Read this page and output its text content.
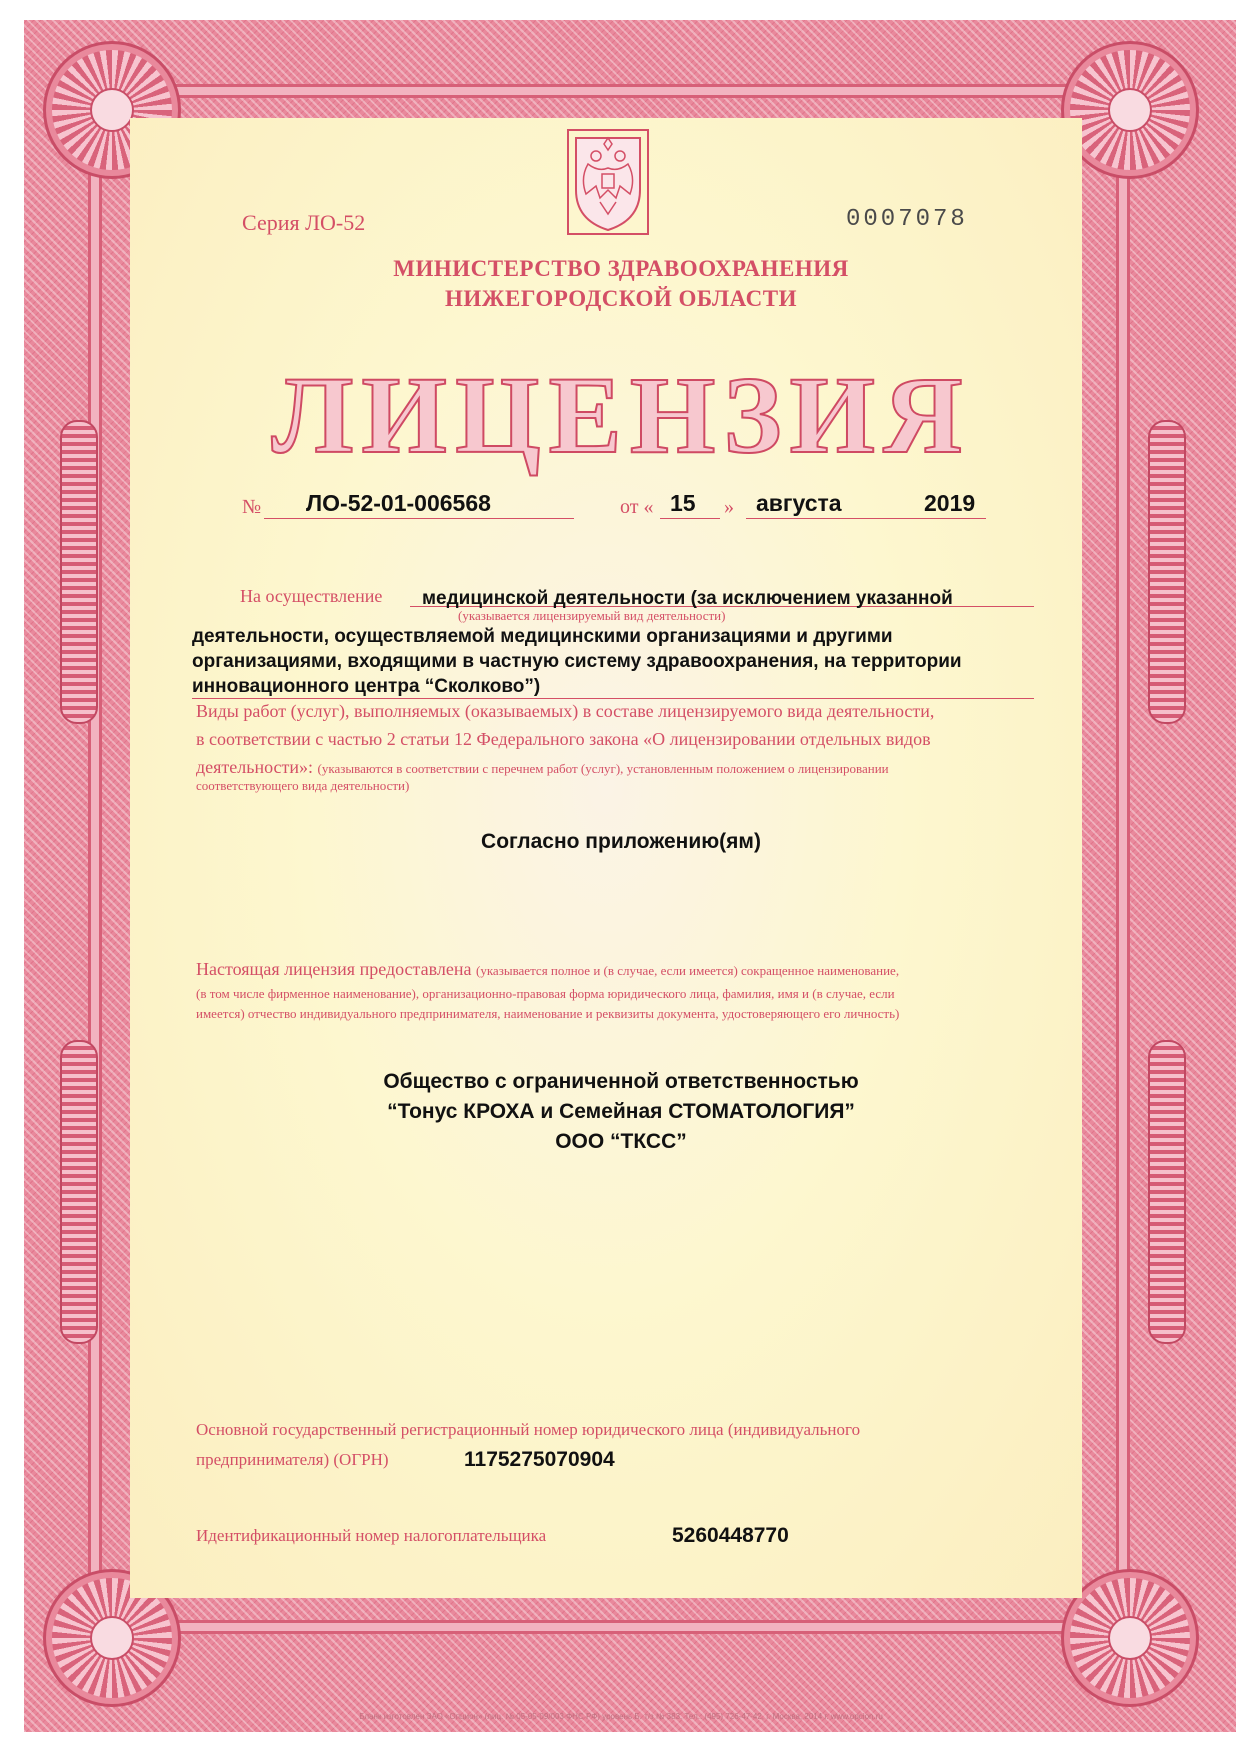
Серия ЛО-52	0007078
МИНИСТЕРСТВО ЗДРАВООХРАНЕНИЯ
НИЖЕГОРОДСКОЙ ОБЛАСТИ
ЛИЦЕНЗИЯ
№ ЛО-52-01-006568	от « 15 » августа	2019
На осуществление медицинской деятельности (за исключением указанной
(указывается лицензируемый вид деятельности)
деятельности, осуществляемой медицинскими организациями и другими
организациями, входящими в частную систему здравоохранения, на территории
инновационного центра “Сколково”)
Виды работ (услуг), выполняемых (оказываемых) в составе лицензируемого вида деятельности,
в соответствии с частью 2 статьи 12 Федерального закона «О лицензировании отдельных видов
деятельности»: (указываются в соответствии с перечнем работ (услуг), установленным положением о лицензировании
соответствующего вида деятельности)
Согласно приложению(ям)
Настоящая лицензия предоставлена (указывается полное и (в случае, если имеется) сокращенное наименование,
(в том числе фирменное наименование), организационно-правовая форма юридического лица, фамилия, имя и (в случае, если
имеется) отчество индивидуального предпринимателя, наименование и реквизиты документа, удостоверяющего его личность)
Общество с ограниченной ответственностью
“Тонус КРОХА и Семейная СТОМАТОЛОГИЯ”
ООО “ТКСС”
Основной государственный регистрационный номер юридического лица (индивидуального
предпринимателя) (ОГРН)	1175275070904
Идентификационный номер налогоплательщика	5260448770
Бланк изготовлен ЗАО «Опцион» (лиц. № 05-05-09/003 ФНС РФ) уровень Б. т/з № 383. Тел.: (495) 726-47-42, г. Москва, 2014 г. www.opcion.ru
